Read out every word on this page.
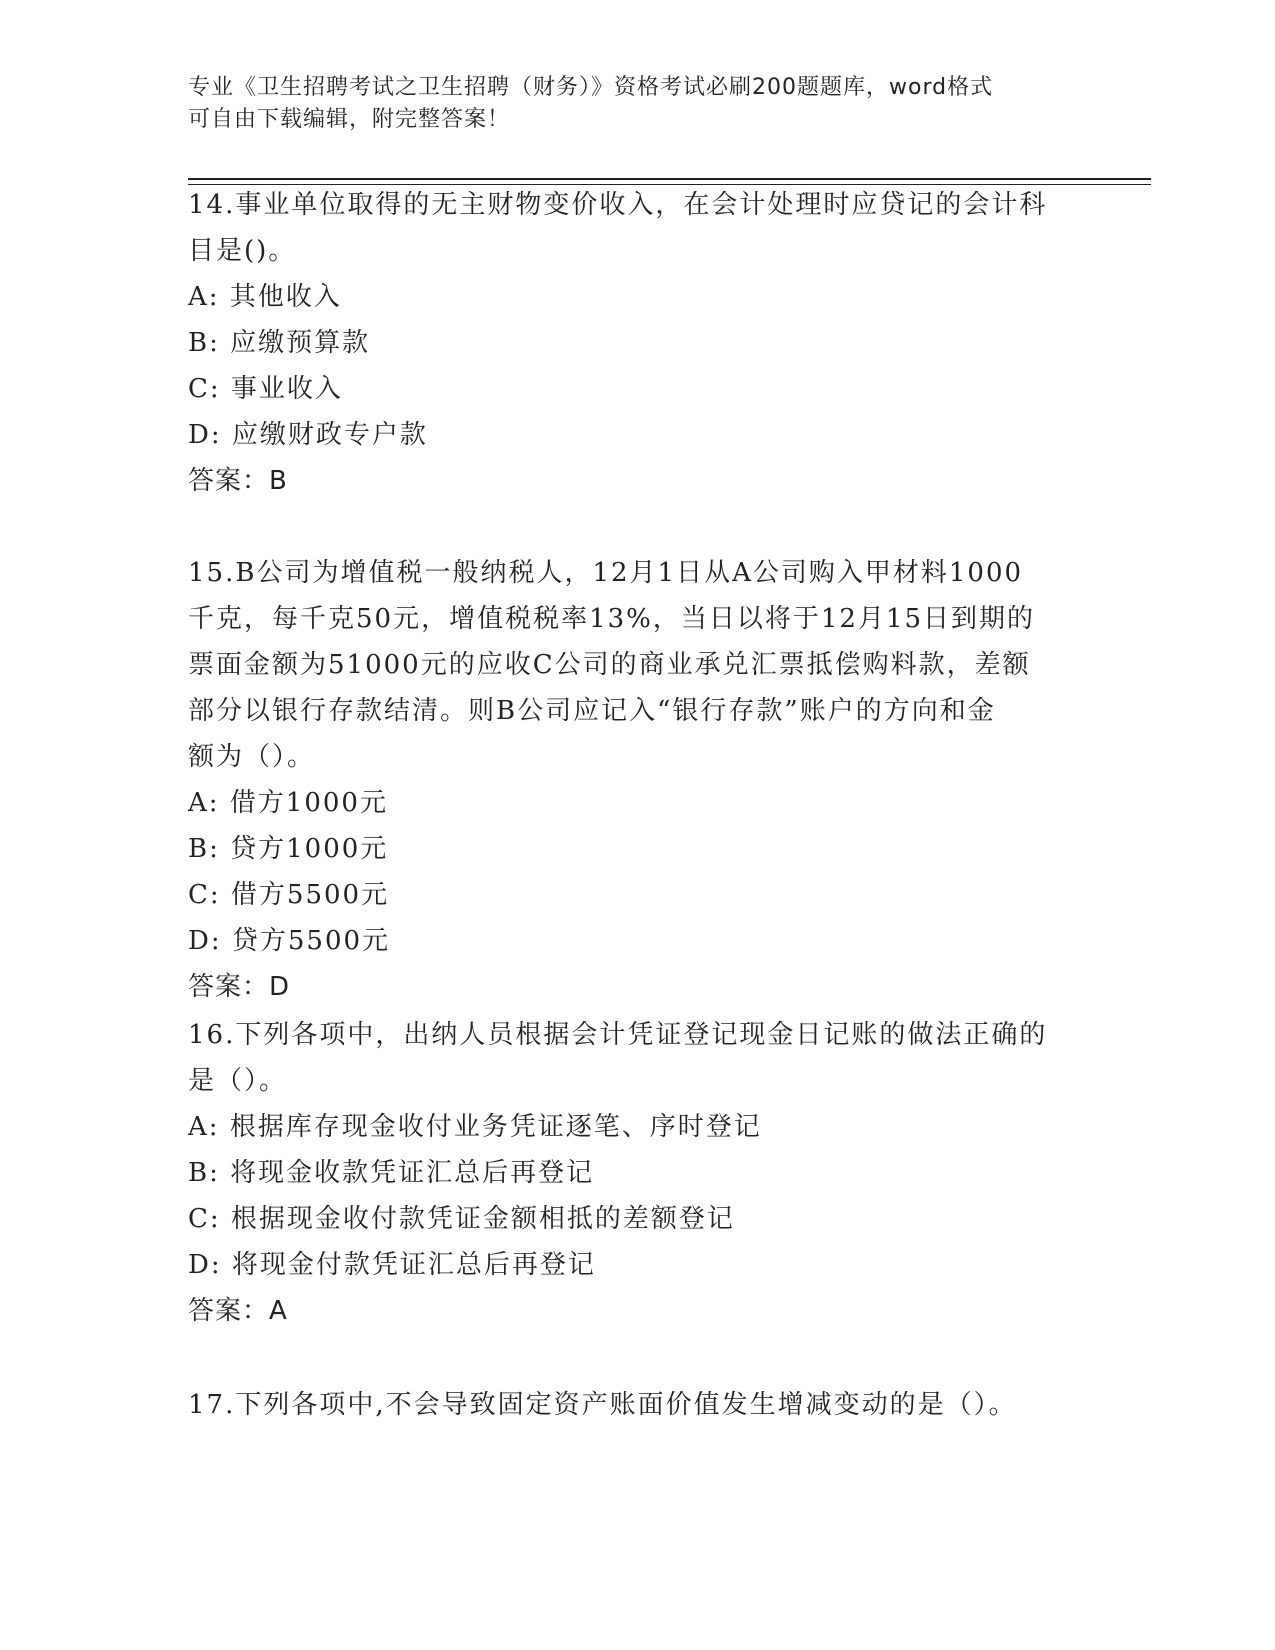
专业《卫生招聘考试之卫生招聘（财务）》资格考试必刷200题题库，word格式
可自由下载编辑，附完整答案！
14.事业单位取得的无主财物变价收入，在会计处理时应贷记的会计科
目是()。
A: 其他收入
B: 应缴预算款
C: 事业收入
D: 应缴财政专户款
答案：B
15.B公司为增值税一般纳税人，12月1日从A公司购入甲材料1000
千克，每千克50元，增值税税率13%，当日以将于12月15日到期的
票面金额为51000元的应收C公司的商业承兑汇票抵偿购料款，差额
部分以银行存款结清。则B公司应记入“银行存款”账户的方向和金
额为（）。
A: 借方1000元
B: 贷方1000元
C: 借方5500元
D: 贷方5500元
答案：D
16.下列各项中，出纳人员根据会计凭证登记现金日记账的做法正确的
是（）。
A: 根据库存现金收付业务凭证逐笔、序时登记
B: 将现金收款凭证汇总后再登记
C: 根据现金收付款凭证金额相抵的差额登记
D: 将现金付款凭证汇总后再登记
答案：A
17.下列各项中,不会导致固定资产账面价值发生增减变动的是（）。
